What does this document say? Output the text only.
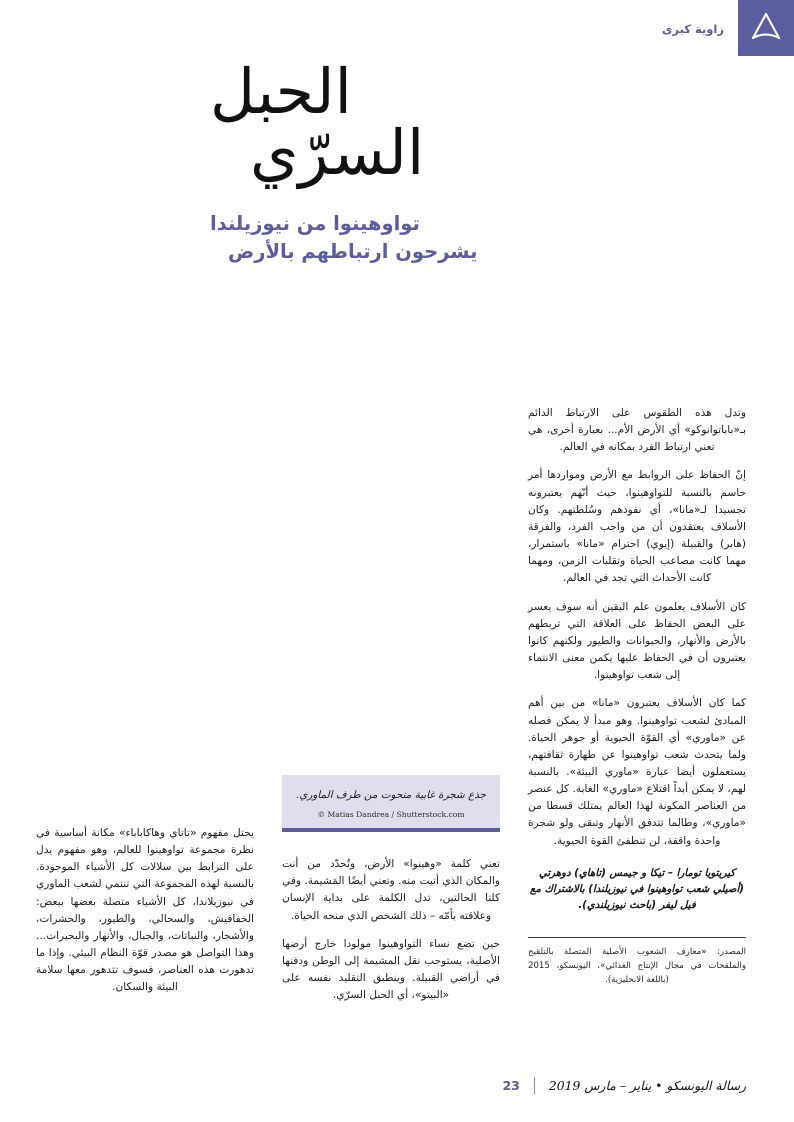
زاوية كبرى
الحبل
السرّي
تواوهينوا من نيوزيلندا
يشرحون ارتباطهم بالأرض

وتدل هذه الطقوس على الارتباط الدائم بـ«باباتوانوكو» أي الأرض الأم... بعبارة أخرى، هي تعني ارتباط الفرد بمكانه في العالم.

إنّ الحفاظ على الروابط مع الأرض ومواردها أمر حاسم بالنسبة للتواوهينوا، حيث أنّهم يعتبرونه تجسيدا لـ«مانا»، أي نفوذهم وسُلطتهم. وكان الأسلاف يعتقدون أن من واجب الفرد، والفرقة (هابر) والقبيلة (إيوي) احترام «مانا» باستمرار، مهما كانت مصاعب الحياة وتقلبات الزمن، ومهما كانت الأحداث التي تجد في العالم.

كان الأسلاف يعلمون علم اليقين أنه سوف يعسر على البعض الحفاظ على العلاقة التي تربطهم بالأرض والأنهار، والحيوانات والطيور ولكنهم كانوا يعتبرون أن في الحفاظ عليها يكمن معنى الانتماء إلى شعب تواوهينوا.

كما كان الأسلاف يعتبرون «مانا» من بين أهم المبادئ لشعب تواوهينوا. وهو مبدأ لا يمكن فصله عن «ماوري» أي القوّة الحيوية أو جوهر الحياة. ولما يتحدث شعب تواوهينوا عن طهارة ثقافتهم، يستعملون أيضا عبارة «ماوري البيئة». بالنسبة لهم، لا يمكن أبداً اقتلاع «ماوري» الغابة. كل عنصر من العناصر المكونة لهذا العالم يمتلك قسطا من «ماوري»، وطالما تتدفق الأنهار وتبقى ولو شجرة واحدة واقفة، لن تنطفئ القوة الحيوية.

كيريتويا تومارا – تيكا و جيمس (تاهاي) دوهرتي (أصيلي شعب تواوهينوا في نيوزيلندا) بالاشتراك مع فيل ليفر (باحث نيوزيلندي).

المصدر: «معارف الشعوب الأصلية المتصلة بالتلقيح والملقحات في مجال الإنتاج الغذائي»، اليونسكو، 2015 (باللغة الانجليزية).

جذع شجرة غابية منحوت من طرف الماوري.

© Matias Dandrea / Shutterstock.com

تعني كلمة «وهينوا» الأرض، وتُحدّد من أنت والمكان الذي أتيت منه. وتعني أيضًا المَشيمة. وفي كلتا الحالتين، تدل الكلمة على بداية الإنسان وعلاقته بأمّه – ذلك الشخص الذي منحه الحياة.

حين تضع نساء التواوهينوا مولودا خارج أرضها الأصلية، يستوجب نقل المشيمة إلى الوطن ودفنها في أراضي القبيلة. وينطبق التقليد نفسه على «البيتو»، أي الحبل السرّي.

يحتل مفهوم «تاتاي وهاكاباباء» مكانة أساسية في نظرة مجموعة تواوهينوا للعالم، وهو مفهوم يدل على الترابط بين سلالات كل الأشياء الموجودة. بالنسبة لهذه المجموعة التي تنتمي لشعب الماوري في نيوزيلاندا، كل الأشياء متصلة بعضها ببعض: الخفافيش، والسحالي، والطيور، والحشرات، والأشجار، والنباتات، والجبال، والأنهار والبحيرات... وهذا التواصل هو مصدر قوّة النظام البيئي. وإذا ما تدهورت هذه العناصر، فسوف تتدهور معها سلامة البيئة والسكان.

رسالة اليونسكو • يناير – مارس 2019
23
